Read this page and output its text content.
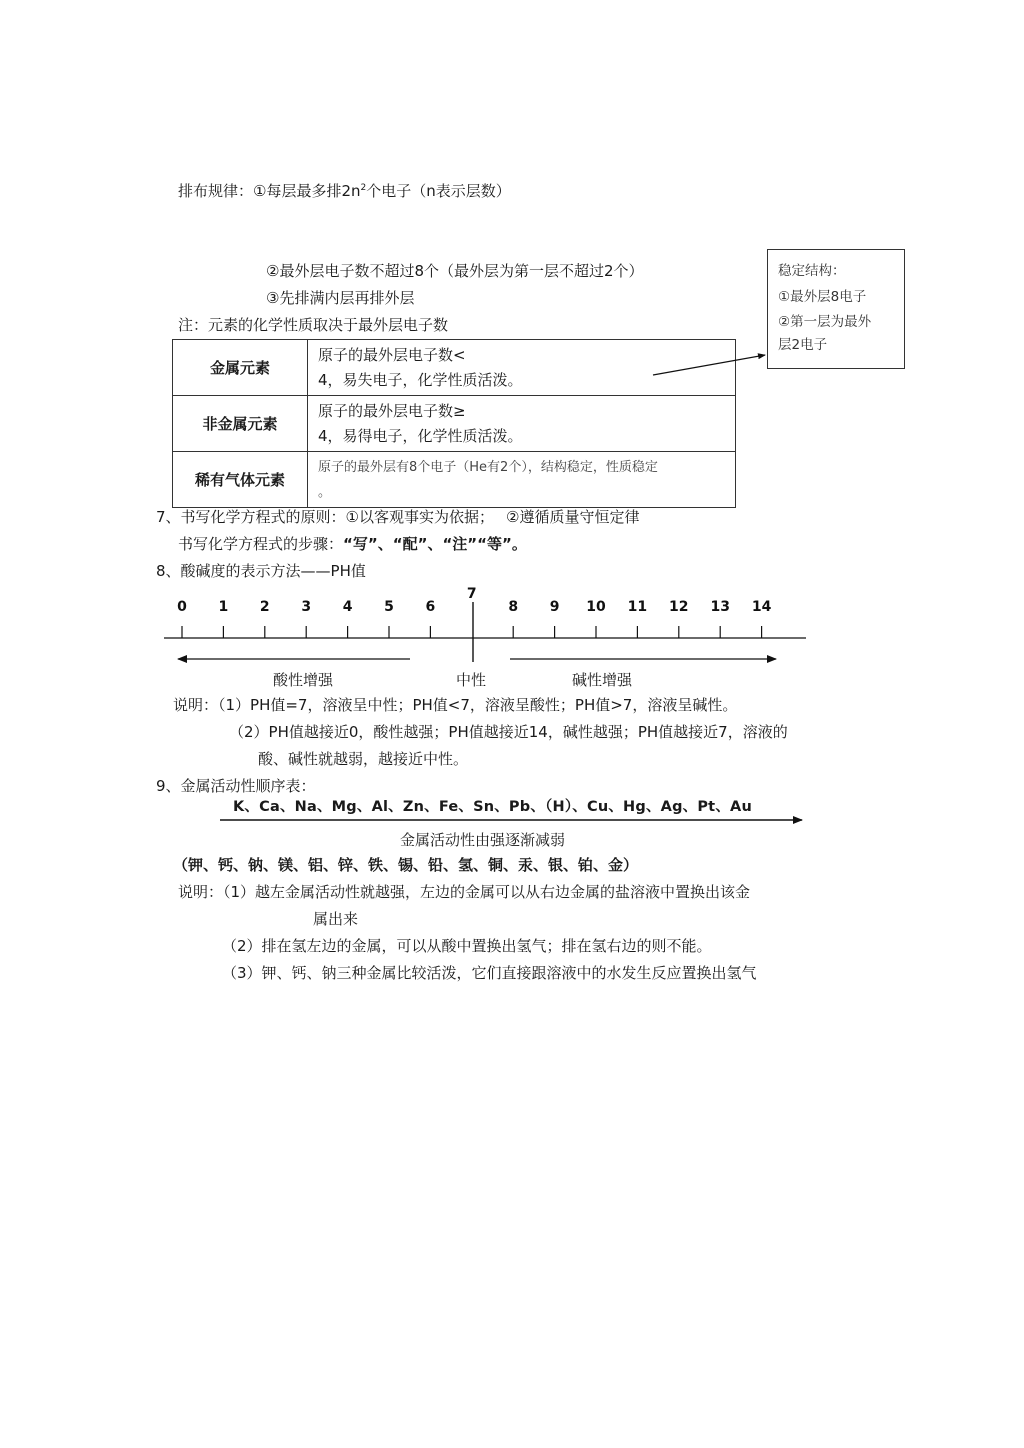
排布规律：①每层最多排$2n^2$个电子（n表示层数）
②最外层电子数不超过8个（最外层为第一层不超过2个）
③先排满内层再排外层
注：元素的化学性质取决于最外层电子数
稳定结构：
①最外层8电子
②第一层为最外
层2电子
金属元素	原子的最外层电子数<
4，易失电子，化学性质活泼。

非金属元素	原子的最外层电子数≥
4，易得电子，化学性质活泼。

稀有气体元素	原子的最外层有8个电子（He有2个），结构稳定，性质稳定
。
0 1 2 3 4 5 6
7
8 9 10 11 12 13 14
7、书写化学方程式的原则：①以客观事实为依据； ②遵循质量守恒定律
书写化学方程式的步骤：“写”、“配”、“注”“等”。
8、酸碱度的表示方法——PH值
酸性增强	中性	碱性增强
说明：（1）PH值=7，溶液呈中性；PH值<7，溶液呈酸性；PH值>7，溶液呈碱性。
（2）PH值越接近0，酸性越强；PH值越接近14，碱性越强；PH值越接近7，溶液的
酸、碱性就越弱，越接近中性。
9、金属活动性顺序表：
K、Ca、Na、Mg、Al、Zn、Fe、Sn、Pb、（H）、Cu、Hg、Ag、Pt、Au
金属活动性由强逐渐减弱
（钾、钙、钠、镁、铝、锌、铁、锡、铅、氢、铜、汞、银、铂、金）
说明：（1）越左金属活动性就越强，左边的金属可以从右边金属的盐溶液中置换出该金
属出来
（2）排在氢左边的金属，可以从酸中置换出氢气；排在氢右边的则不能。
（3）钾、钙、钠三种金属比较活泼，它们直接跟溶液中的水发生反应置换出氢气
